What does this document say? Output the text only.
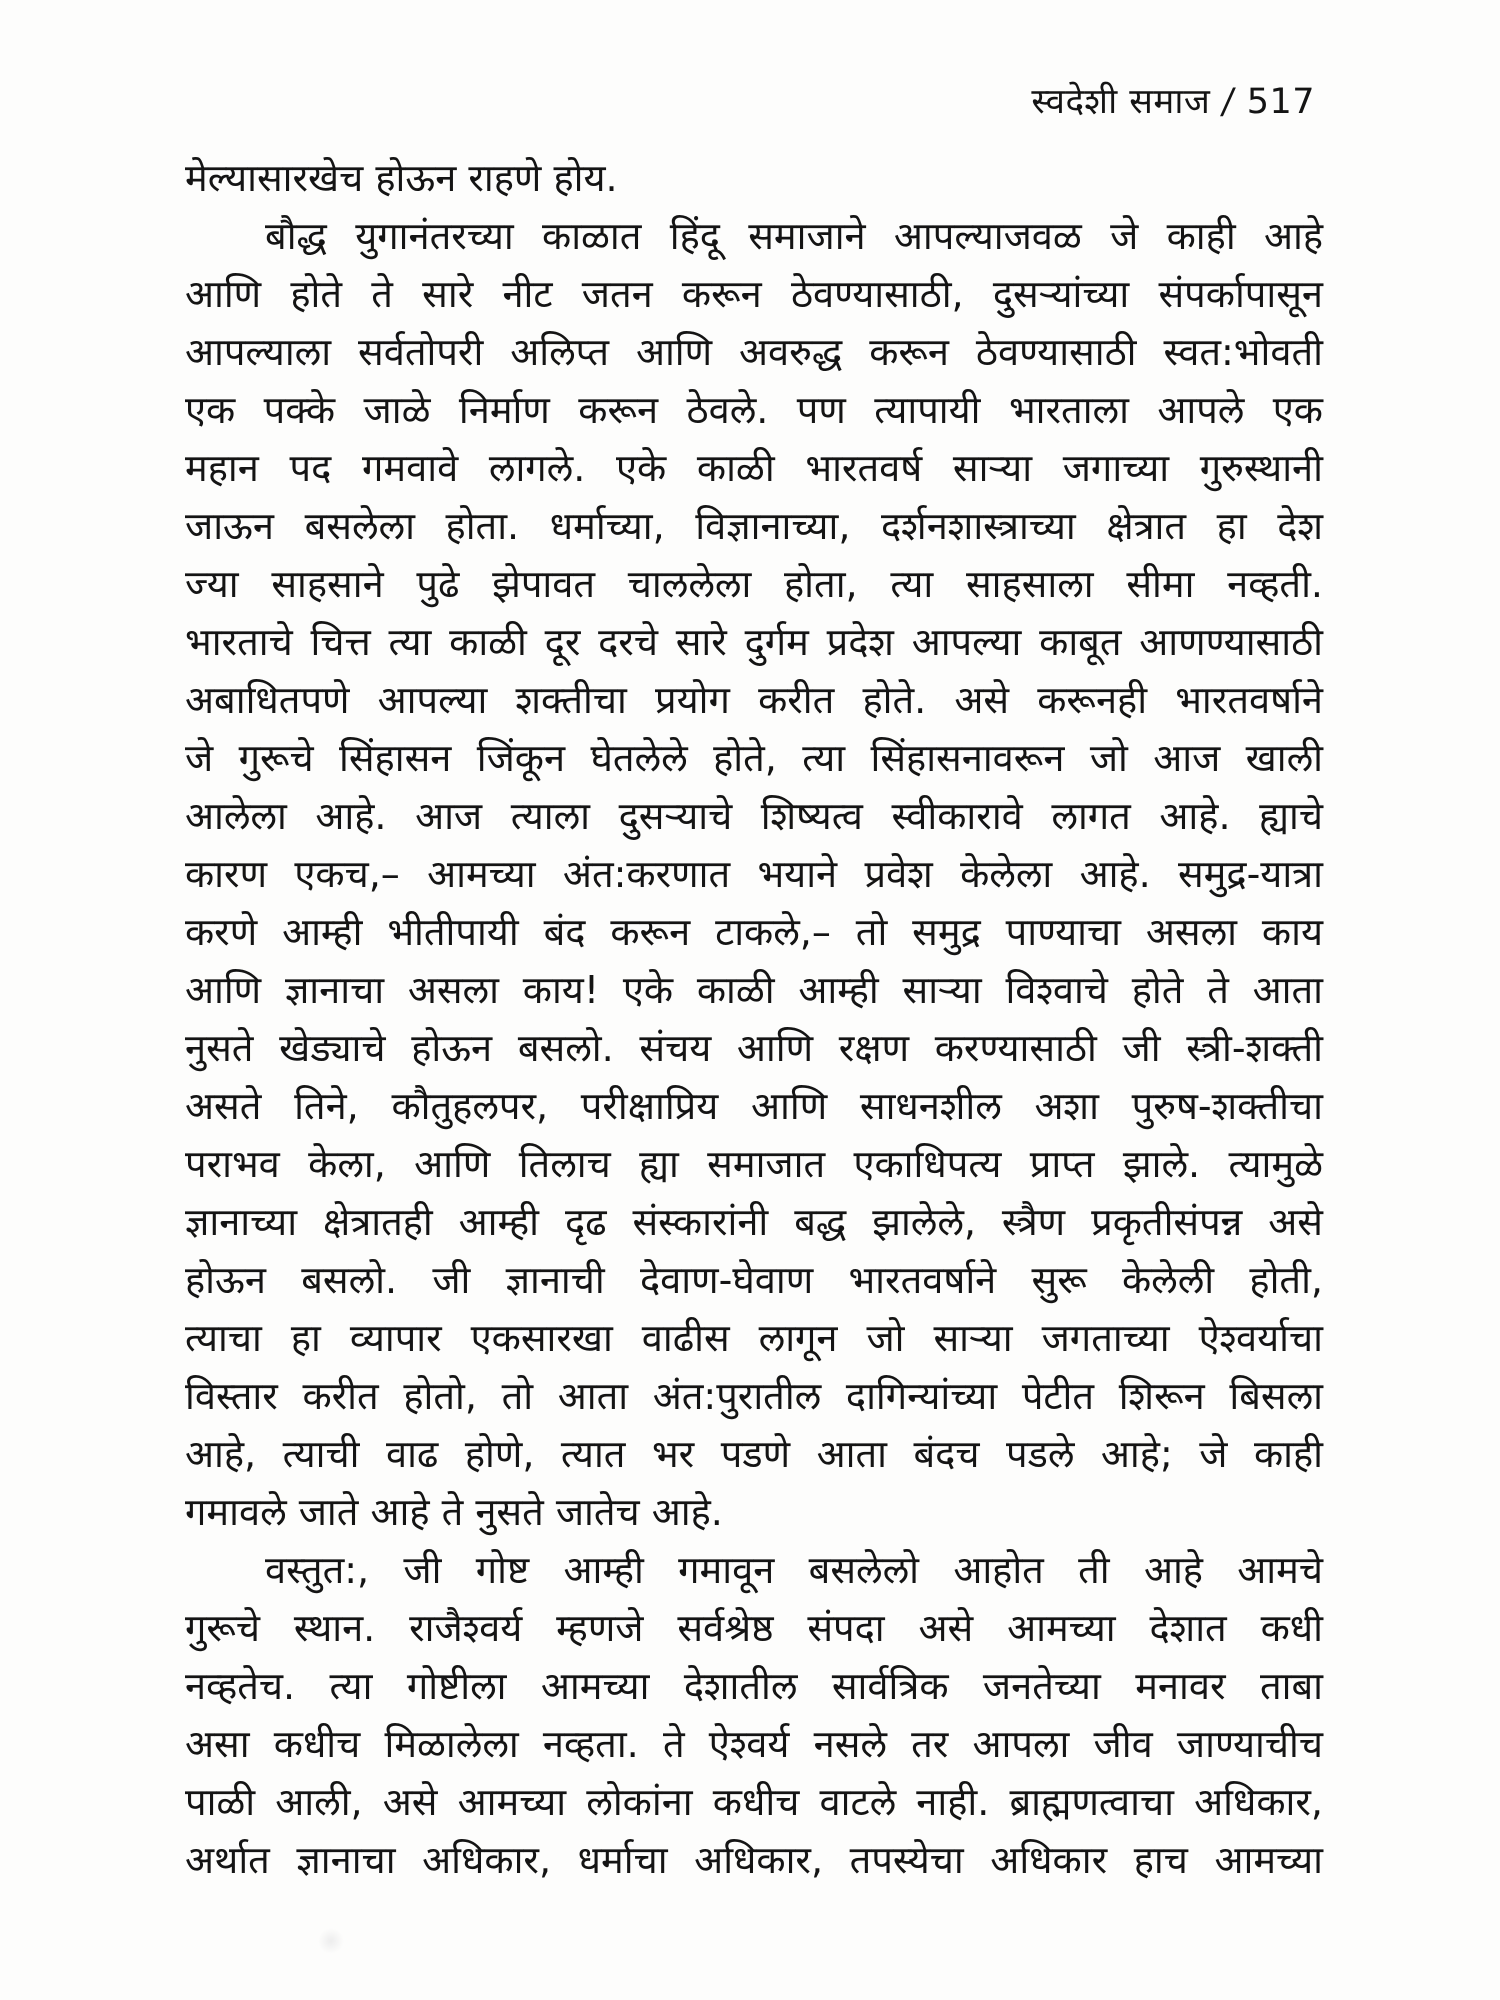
स्वदेशी समाज / 517
मेल्यासारखेच होऊन राहणे होय.
बौद्ध युगानंतरच्या काळात हिंदू समाजाने आपल्याजवळ जे काही आहे
आणि होते ते सारे नीट जतन करून ठेवण्यासाठी, दुसऱ्यांच्या संपर्कापासून
आपल्याला सर्वतोपरी अलिप्त आणि अवरुद्ध करून ठेवण्यासाठी स्वत:भोवती
एक पक्के जाळे निर्माण करून ठेवले. पण त्यापायी भारताला आपले एक
महान पद गमवावे लागले. एके काळी भारतवर्ष साऱ्या जगाच्या गुरुस्थानी
जाऊन बसलेला होता. धर्माच्या, विज्ञानाच्या, दर्शनशास्त्राच्या क्षेत्रात हा देश
ज्या साहसाने पुढे झेपावत चाललेला होता, त्या साहसाला सीमा नव्हती.
भारताचे चित्त त्या काळी दूर दरचे सारे दुर्गम प्रदेश आपल्या काबूत आणण्यासाठी
अबाधितपणे आपल्या शक्तीचा प्रयोग करीत होते. असे करूनही भारतवर्षाने
जे गुरूचे सिंहासन जिंकून घेतलेले होते, त्या सिंहासनावरून जो आज खाली
आलेला आहे. आज त्याला दुसऱ्याचे शिष्यत्व स्वीकारावे लागत आहे. ह्याचे
कारण एकच,– आमच्या अंत:करणात भयाने प्रवेश केलेला आहे. समुद्र-यात्रा
करणे आम्ही भीतीपायी बंद करून टाकले,– तो समुद्र पाण्याचा असला काय
आणि ज्ञानाचा असला काय! एके काळी आम्ही साऱ्या विश्वाचे होते ते आता
नुसते खेड्याचे होऊन बसलो. संचय आणि रक्षण करण्यासाठी जी स्त्री-शक्ती
असते तिने, कौतुहलपर, परीक्षाप्रिय आणि साधनशील अशा पुरुष-शक्तीचा
पराभव केला, आणि तिलाच ह्या समाजात एकाधिपत्य प्राप्त झाले. त्यामुळे
ज्ञानाच्या क्षेत्रातही आम्ही दृढ संस्कारांनी बद्ध झालेले, स्त्रैण प्रकृतीसंपन्न असे
होऊन बसलो. जी ज्ञानाची देवाण-घेवाण भारतवर्षाने सुरू केलेली होती,
त्याचा हा व्यापार एकसारखा वाढीस लागून जो साऱ्या जगताच्या ऐश्वर्याचा
विस्तार करीत होतो, तो आता अंत:पुरातील दागिन्यांच्या पेटीत शिरून बिसला
आहे, त्याची वाढ होणे, त्यात भर पडणे आता बंदच पडले आहे; जे काही
गमावले जाते आहे ते नुसते जातेच आहे.
वस्तुत:, जी गोष्ट आम्ही गमावून बसलेलो आहोत ती आहे आमचे
गुरूचे स्थान. राजैश्वर्य म्हणजे सर्वश्रेष्ठ संपदा असे आमच्या देशात कधी
नव्हतेच. त्या गोष्टीला आमच्या देशातील सार्वत्रिक जनतेच्या मनावर ताबा
असा कधीच मिळालेला नव्हता. ते ऐश्वर्य नसले तर आपला जीव जाण्याचीच
पाळी आली, असे आमच्या लोकांना कधीच वाटले नाही. ब्राह्मणत्वाचा अधिकार,
अर्थात ज्ञानाचा अधिकार, धर्माचा अधिकार, तपस्येचा अधिकार हाच आमच्या
